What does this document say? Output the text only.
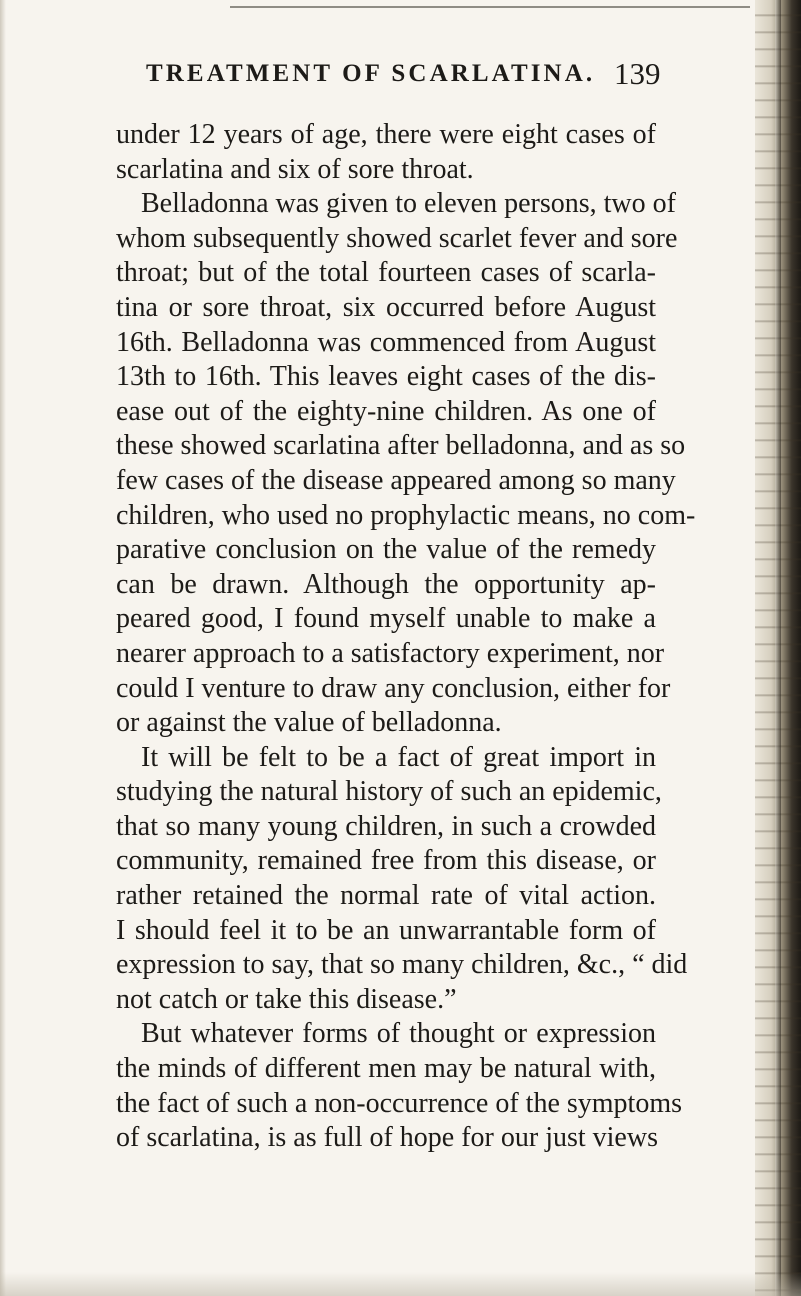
TREATMENT OF SCARLATINA. 139
under 12 years of age, there were eight cases of
scarlatina and six of sore throat.
Belladonna was given to eleven persons, two of
whom subsequently showed scarlet fever and sore
throat; but of the total fourteen cases of scarla-
tina or sore throat, six occurred before August
16th. Belladonna was commenced from August
13th to 16th. This leaves eight cases of the dis-
ease out of the eighty-nine children. As one of
these showed scarlatina after belladonna, and as so
few cases of the disease appeared among so many
children, who used no prophylactic means, no com-
parative conclusion on the value of the remedy
can be drawn. Although the opportunity ap-
peared good, I found myself unable to make a
nearer approach to a satisfactory experiment, nor
could I venture to draw any conclusion, either for
or against the value of belladonna.
It will be felt to be a fact of great import in
studying the natural history of such an epidemic,
that so many young children, in such a crowded
community, remained free from this disease, or
rather retained the normal rate of vital action.
I should feel it to be an unwarrantable form of
expression to say, that so many children, &c., “ did
not catch or take this disease.”
But whatever forms of thought or expression
the minds of different men may be natural with,
the fact of such a non-occurrence of the symptoms
of scarlatina, is as full of hope for our just views
